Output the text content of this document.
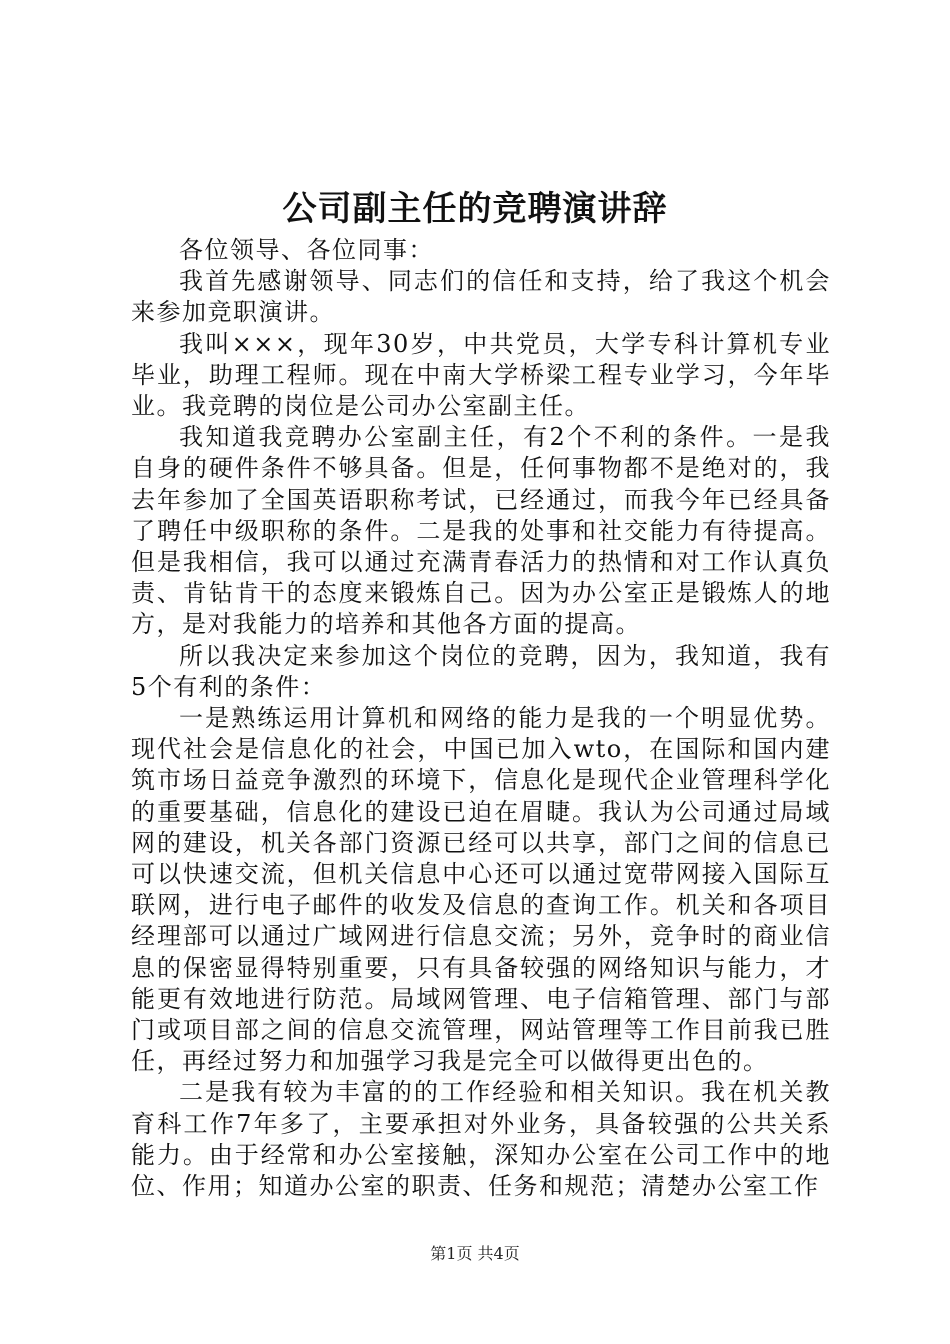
公司副主任的竞聘演讲辞

各位领导、各位同事：

我首先感谢领导、同志们的信任和支持，给了我这个机会来参加竞职演讲。

我叫×××，现年30岁，中共党员，大学专科计算机专业毕业，助理工程师。现在中南大学桥梁工程专业学习，今年毕业。我竞聘的岗位是公司办公室副主任。

我知道我竞聘办公室副主任，有2个不利的条件。一是我自身的硬件条件不够具备。但是，任何事物都不是绝对的，我去年参加了全国英语职称考试，已经通过，而我今年已经具备了聘任中级职称的条件。二是我的处事和社交能力有待提高。但是我相信，我可以通过充满青春活力的热情和对工作认真负责、肯钻肯干的态度来锻炼自己。因为办公室正是锻炼人的地方，是对我能力的培养和其他各方面的提高。

所以我决定来参加这个岗位的竞聘，因为，我知道，我有5个有利的条件：

一是熟练运用计算机和网络的能力是我的一个明显优势。现代社会是信息化的社会，中国已加入wto，在国际和国内建筑市场日益竞争激烈的环境下，信息化是现代企业管理科学化的重要基础，信息化的建设已迫在眉睫。我认为公司通过局域网的建设，机关各部门资源已经可以共享，部门之间的信息已可以快速交流，但机关信息中心还可以通过宽带网接入国际互联网，进行电子邮件的收发及信息的查询工作。机关和各项目经理部可以通过广域网进行信息交流；另外，竞争时的商业信息的保密显得特别重要，只有具备较强的网络知识与能力，才能更有效地进行防范。局域网管理、电子信箱管理、部门与部门或项目部之间的信息交流管理，网站管理等工作目前我已胜任，再经过努力和加强学习我是完全可以做得更出色的。

二是我有较为丰富的的工作经验和相关知识。我在机关教育科工作7年多了，主要承担对外业务，具备较强的公共关系能力。由于经常和办公室接触，深知办公室在公司工作中的地位、作用；知道办公室的职责、任务和规范；清楚办公室工作

第1页 共4页
